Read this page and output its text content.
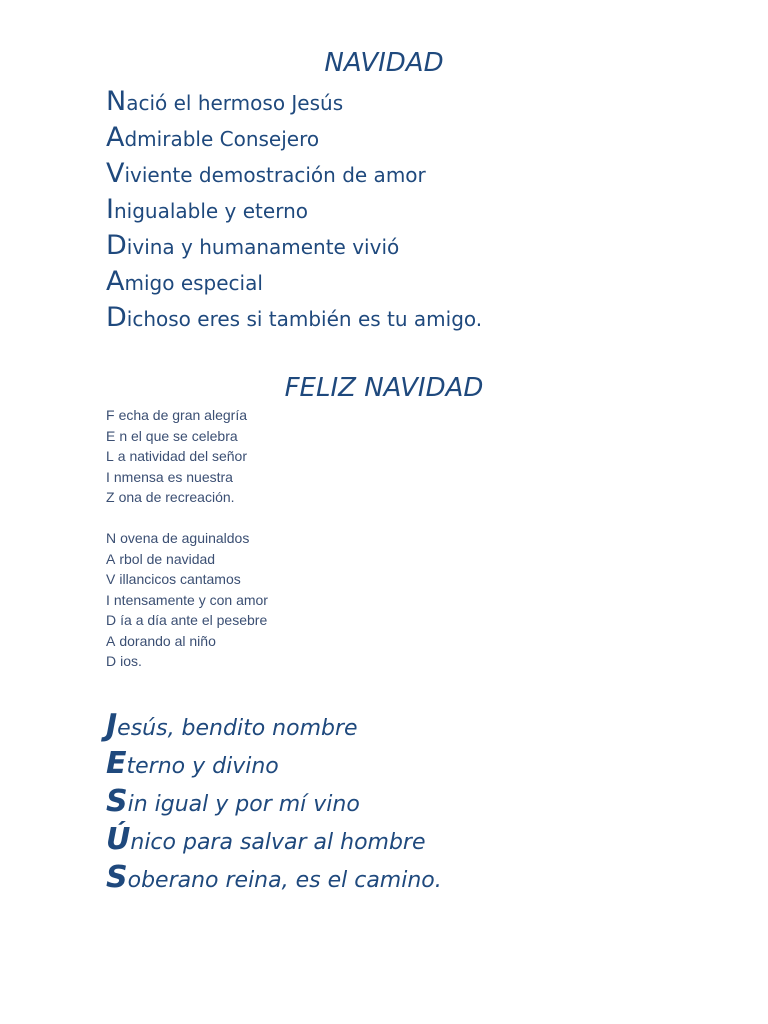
NAVIDAD
Nació el hermoso Jesús
Admirable Consejero
Viviente demostración de amor
Inigualable y eterno
Divina y humanamente vivió
Amigo especial
Dichoso eres si también es tu amigo.
FELIZ NAVIDAD
F echa de gran alegría
E n el que se celebra
L a natividad del señor
I nmensa es nuestra
Z ona de recreación.
N ovena de aguinaldos
A rbol de navidad
V illancicos cantamos
I ntensamente y con amor
D ía a día ante el pesebre
A dorando al niño
D ios.
Jesús, bendito nombre
Eterno y divino
Sin igual y por mí vino
Único para salvar al hombre
Soberano reina, es el camino.
